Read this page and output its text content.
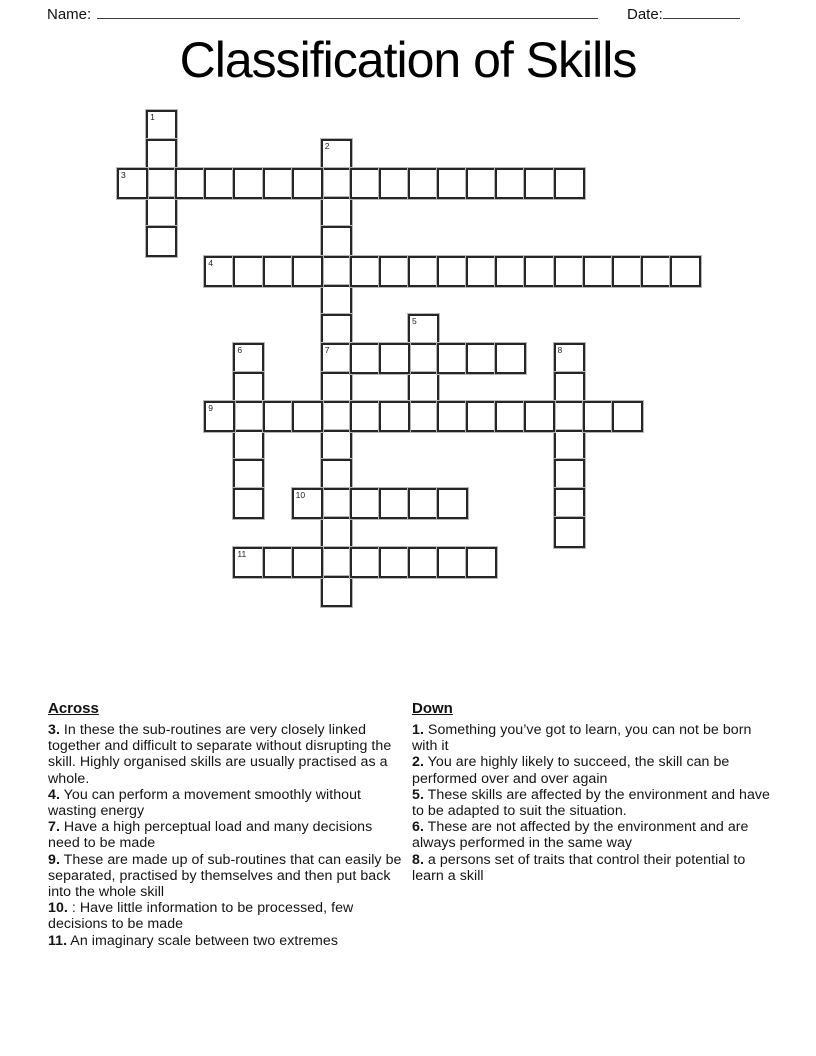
Name:	Date:
Classification of Skills
1
2
7
3
4
5
6	8
9
10
11
Across
3. In these the sub-routines are very closely linked together and difficult to separate without disrupting the skill. Highly organised skills are usually practised as a whole.
4. You can perform a movement smoothly without wasting energy
7. Have a high perceptual load and many decisions need to be made
9. These are made up of sub-routines that can easily be separated, practised by themselves and then put back into the whole skill
10. : Have little information to be processed, few decisions to be made
11. An imaginary scale between two extremes
Down
1. Something you’ve got to learn, you can not be born with it
2. You are highly likely to succeed, the skill can be performed over and over again
5. These skills are affected by the environment and have to be adapted to suit the situation.
6. These are not affected by the environment and are always performed in the same way
8. a persons set of traits that control their potential to learn a skill
